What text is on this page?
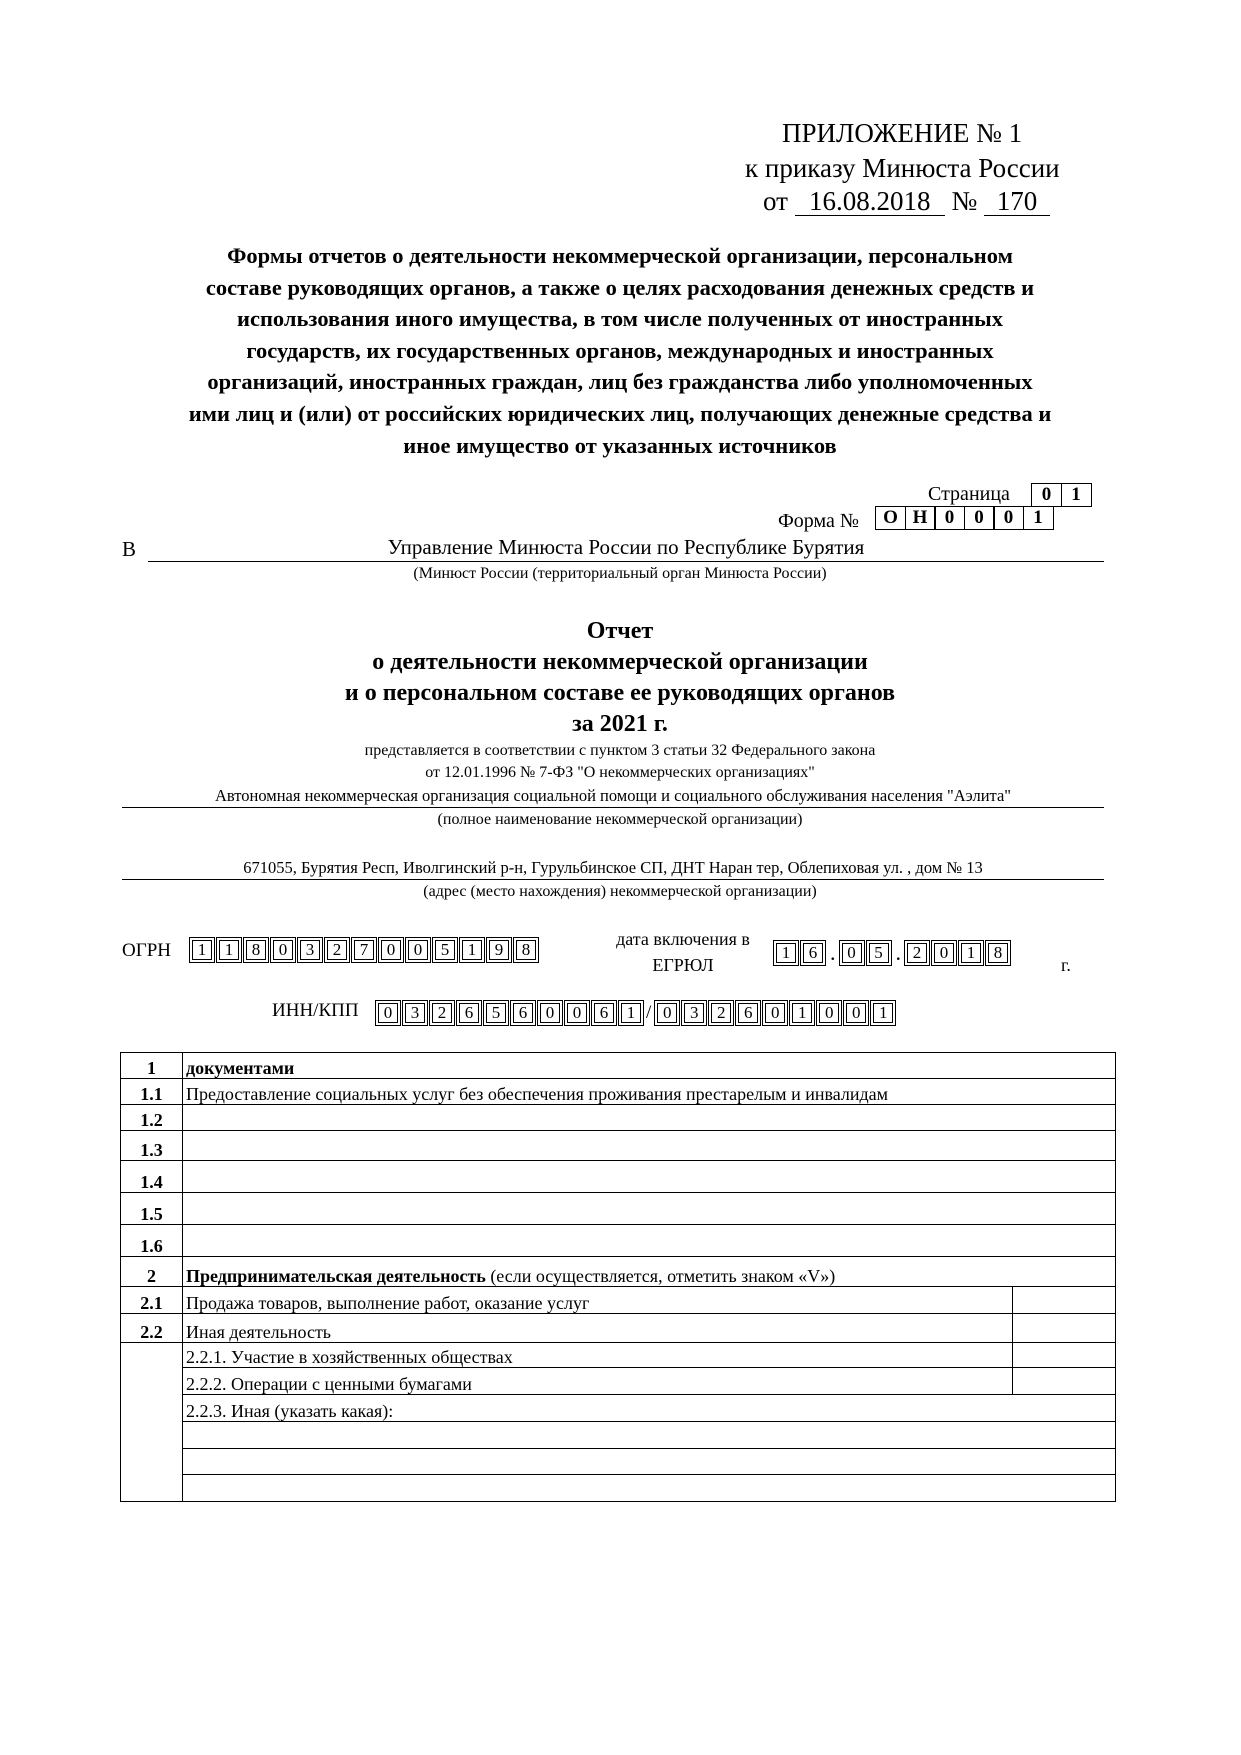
ПРИЛОЖЕНИЕ № 1
к приказу Минюста России
от 16.08.2018 № 170
Формы отчетов о деятельности некоммерческой организации, персональном
составе руководящих органов, а также о целях расходования денежных средств и
использования иного имущества, в том числе полученных от иностранных
государств, их государственных органов, международных и иностранных
организаций, иностранных граждан, лиц без гражданства либо уполномоченных
ими лиц и (или) от российских юридических лиц, получающих денежные средства и
иное имущество от указанных источников
Страница	0	1
Форма №	О Н 0	0	0	1
В	Управление Минюста России по Республике Бурятия
(Минюст России (территориальный орган Минюста России)
Отчет
о деятельности некоммерческой организации
и о персональном составе ее руководящих органов
за 2021 г.
представляется в соответствии с пунктом 3 статьи 32 Федерального закона
от 12.01.1996 № 7-ФЗ "О некоммерческих организациях"
Автономная некоммерческая организация социальной помощи и социального обслуживания населения "Аэлита"
(полное наименование некоммерческой организации)
671055, Бурятия Респ, Иволгинский р-н, Гурульбинское СП, ДНТ Наран тер, Облепиховая ул. , дом № 13
(адрес (место нахождения) некоммерческой организации)
ОГРН	1	1	8	0	3	2	7	0	0	5	1	9	8
дата включения в
ЕГРЮЛ
1	6 . 0	5 . 2	0	1	8
г.
ИНН/КПП	0	3	2	6	5	6	0	0	6	1 / 0	3	2	6	0	1	0	0	1
1	документами	
1.1	Предоставление социальных услуг без обеспечения проживания престарелым и инвалидам	
1.2		
1.3		
1.4		
1.5		
1.6		
2	Предпринимательская деятельность (если осуществляется, отметить знаком «V»)	
2.1	Продажа товаров, выполнение работ, оказание услуг	
2.2	Иная деятельность	
	2.2.1. Участие в хозяйственных обществах	
	2.2.2. Операции с ценными бумагами	
	2.2.3. Иная (указать какая):	
